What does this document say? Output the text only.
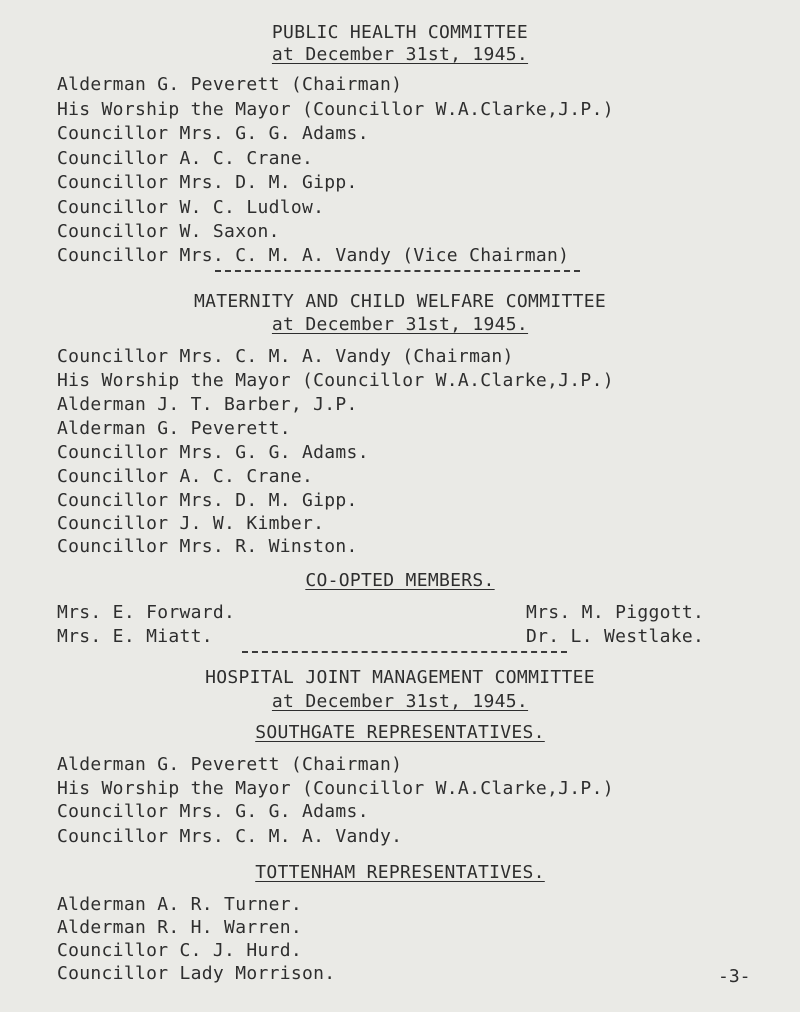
PUBLIC HEALTH COMMITTEE
at December 31st, 1945.
Alderman G. Peverett (Chairman)
His Worship the Mayor (Councillor W.A.Clarke,J.P.)
Councillor Mrs. G. G. Adams.
Councillor A. C. Crane.
Councillor Mrs. D. M. Gipp.
Councillor W. C. Ludlow.
Councillor W. Saxon.
Councillor Mrs. C. M. A. Vandy (Vice Chairman)
MATERNITY AND CHILD WELFARE COMMITTEE
at December 31st, 1945.
Councillor Mrs. C. M. A. Vandy (Chairman)
His Worship the Mayor (Councillor W.A.Clarke,J.P.)
Alderman J. T. Barber, J.P.
Alderman G. Peverett.
Councillor Mrs. G. G. Adams.
Councillor A. C. Crane.
Councillor Mrs. D. M. Gipp.
Councillor J. W. Kimber.
Councillor Mrs. R. Winston.
CO-OPTED MEMBERS.
Mrs. E. Forward.
Mrs. E. Miatt.
Mrs. M. Piggott.
Dr. L. Westlake.
HOSPITAL JOINT MANAGEMENT COMMITTEE
at December 31st, 1945.
SOUTHGATE REPRESENTATIVES.
Alderman G. Peverett (Chairman)
His Worship the Mayor (Councillor W.A.Clarke,J.P.)
Councillor Mrs. G. G. Adams.
Councillor Mrs. C. M. A. Vandy.
TOTTENHAM REPRESENTATIVES.
Alderman A. R. Turner.
Alderman R. H. Warren.
Councillor C. J. Hurd.
Councillor Lady Morrison.	-3-
